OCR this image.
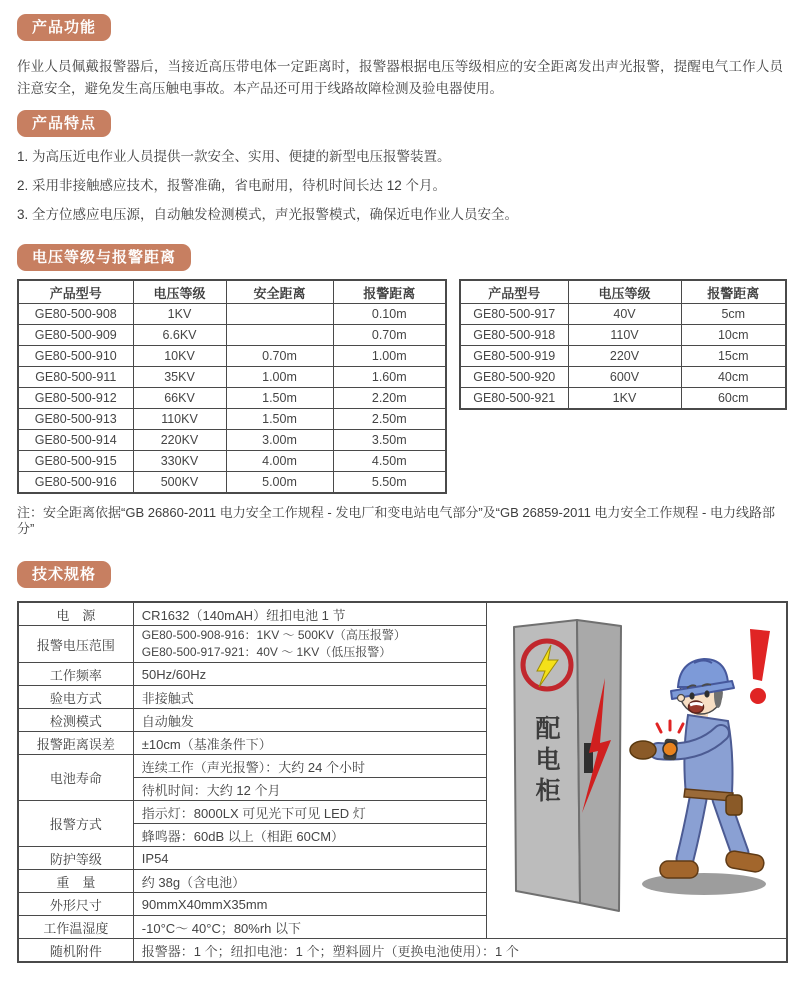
产品功能

作业人员佩戴报警器后，当接近高压带电体一定距离时，报警器根据电压等级相应的安全距离发出声光报警，提醒电气工作人员注意安全，避免发生高压触电事故。本产品还可用于线路故障检测及验电器使用。

产品特点
1. 为高压近电作业人员提供一款安全、实用、便捷的新型电压报警装置。
2. 采用非接触感应技术，报警准确，省电耐用，待机时间长达 12 个月。
3. 全方位感应电压源，自动触发检测模式，声光报警模式，确保近电作业人员安全。
电压等级与报警距离
产品型号	电压等级	安全距离	报警距离
GE80-500-908	1KV		0.10m
GE80-500-909	6.6KV		0.70m
GE80-500-910	10KV	0.70m	1.00m
GE80-500-911	35KV	1.00m	1.60m
GE80-500-912	66KV	1.50m	2.20m
GE80-500-913	110KV	1.50m	2.50m
GE80-500-914	220KV	3.00m	3.50m
GE80-500-915	330KV	4.00m	4.50m
GE80-500-916	500KV	5.00m	5.50m
产品型号	电压等级	报警距离
GE80-500-917	40V	5cm
GE80-500-918	110V	10cm
GE80-500-919	220V	15cm
GE80-500-920	600V	40cm
GE80-500-921	1KV	60cm

注：安全距离依据“GB 26860-2011 电力安全工作规程 - 发电厂和变电站电气部分”及“GB 26859-2011 电力安全工作规程 - 电力线路部分”

技术规格
电　源	CR1632（140mAH）纽扣电池 1 节	配电柜

报警电压范围	GE80-500-908-916：1KV ～ 500KV（高压报警）
GE80-500-917-921：40V ～ 1KV（低压报警）	

工作频率	50Hz/60Hz	
验电方式	非接触式	
检测模式	自动触发	
报警距离误差	±10cm（基准条件下）	
电池寿命	连续工作（声光报警）：大约 24 个小时	
	待机时间：大约 12 个月	
报警方式	指示灯：8000LX 可见光下可见 LED 灯	
	蜂鸣器：60dB 以上（相距 60CM）	
防护等级	IP54	
重　量	约 38g（含电池）	
外形尺寸	90mmX40mmX35mm	
工作温湿度	-10°C～ 40°C；80%rh 以下	
随机附件	报警器：1 个；纽扣电池：1 个；塑料圆片（更换电池使用）：1 个	
